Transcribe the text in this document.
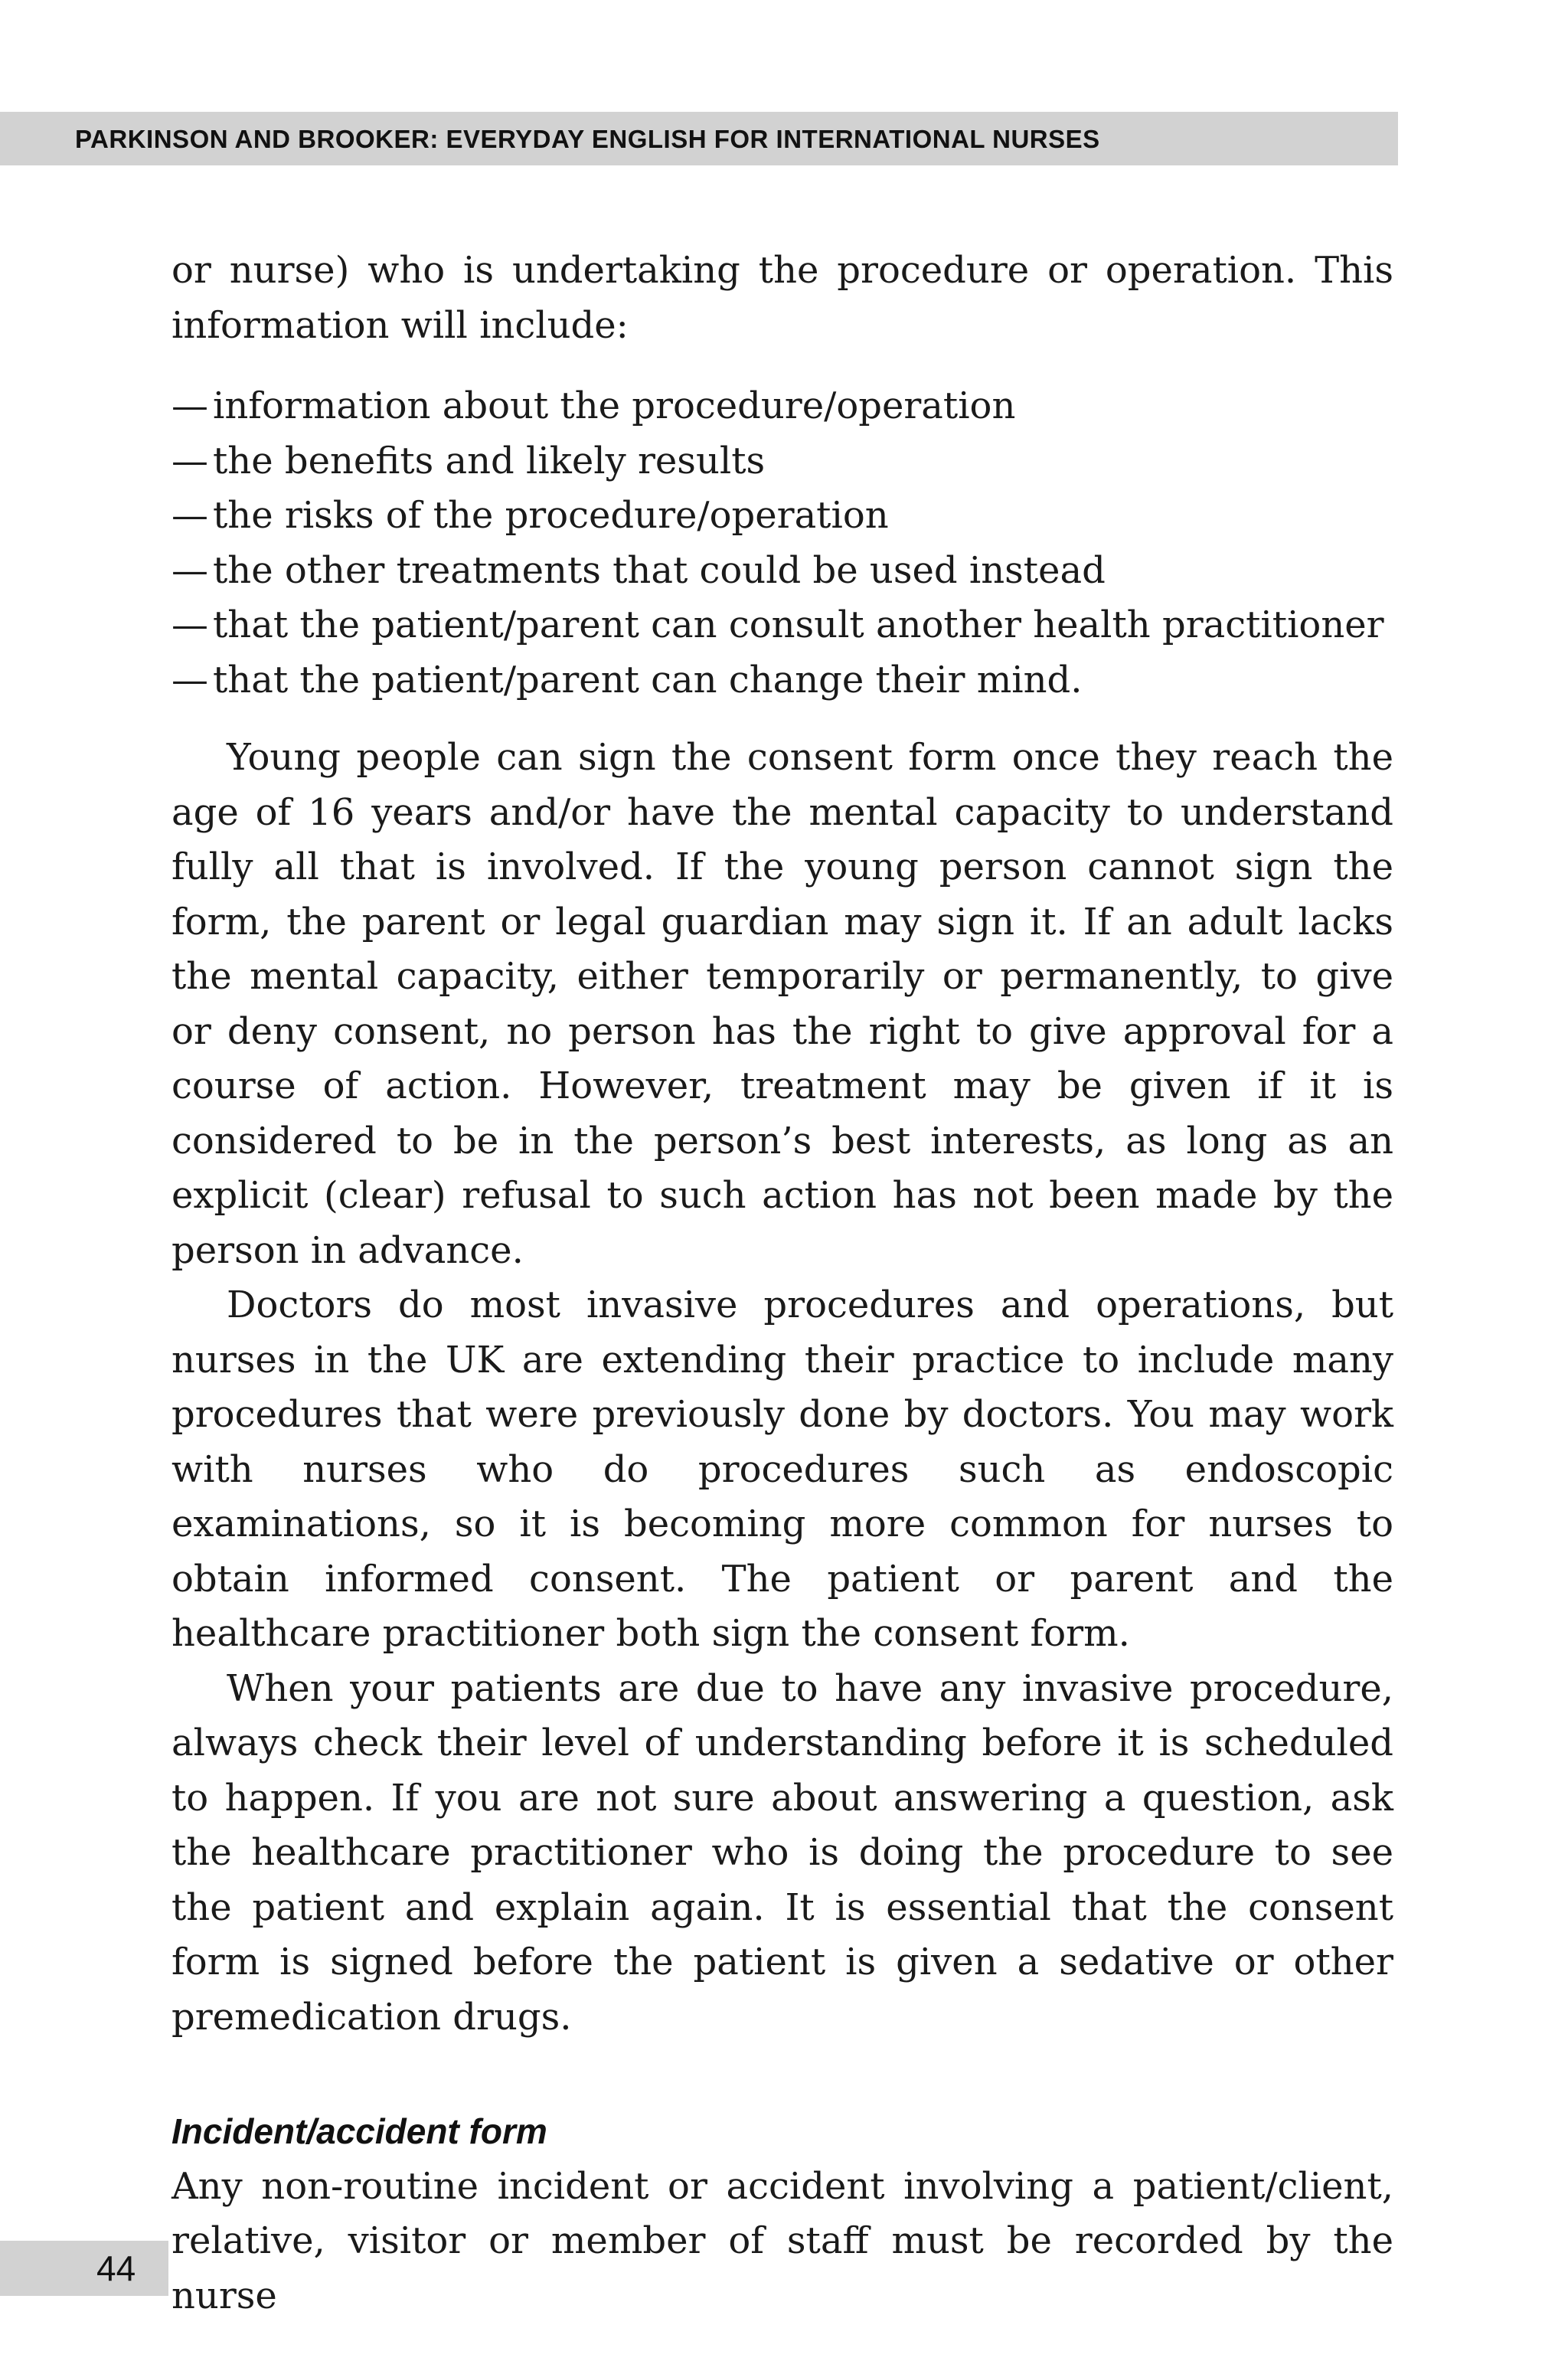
PARKINSON AND BROOKER: EVERYDAY ENGLISH FOR INTERNATIONAL NURSES

or nurse) who is undertaking the procedure or operation. This

information will include:

— information about the procedure/operation
— the benefits and likely results
— the risks of the procedure/operation
— the other treatments that could be used instead
— that the patient/parent can consult another health practitioner
— that the patient/parent can change their mind.

Young people can sign the consent form once they reach the age of 16 years and/or have the mental capacity to understand fully all that is involved. If the young person cannot sign the form, the parent or legal guardian may sign it. If an adult lacks the mental capacity, either temporarily or permanently, to give or deny consent, no person has the right to give approval for a course of action. However, treatment may be given if it is considered to be in the person’s best interests, as long as an explicit (clear) refusal to such action has not been made by the person in advance.

Doctors do most invasive procedures and operations, but nurses in the UK are extending their practice to include many procedures that were previously done by doctors. You may work with nurses who do procedures such as endoscopic examinations, so it is becoming more common for nurses to obtain informed consent. The patient or parent and the healthcare practitioner both sign the consent form.

When your patients are due to have any invasive procedure, always check their level of understanding before it is scheduled to happen. If you are not sure about answering a question, ask the healthcare practitioner who is doing the procedure to see the patient and explain again. It is essential that the consent form is signed before the patient is given a sedative or other premedication drugs.

Incident/accident form

Any non-routine incident or accident involving a patient/client,

relative, visitor or member of staff must be recorded by the nurse

44
